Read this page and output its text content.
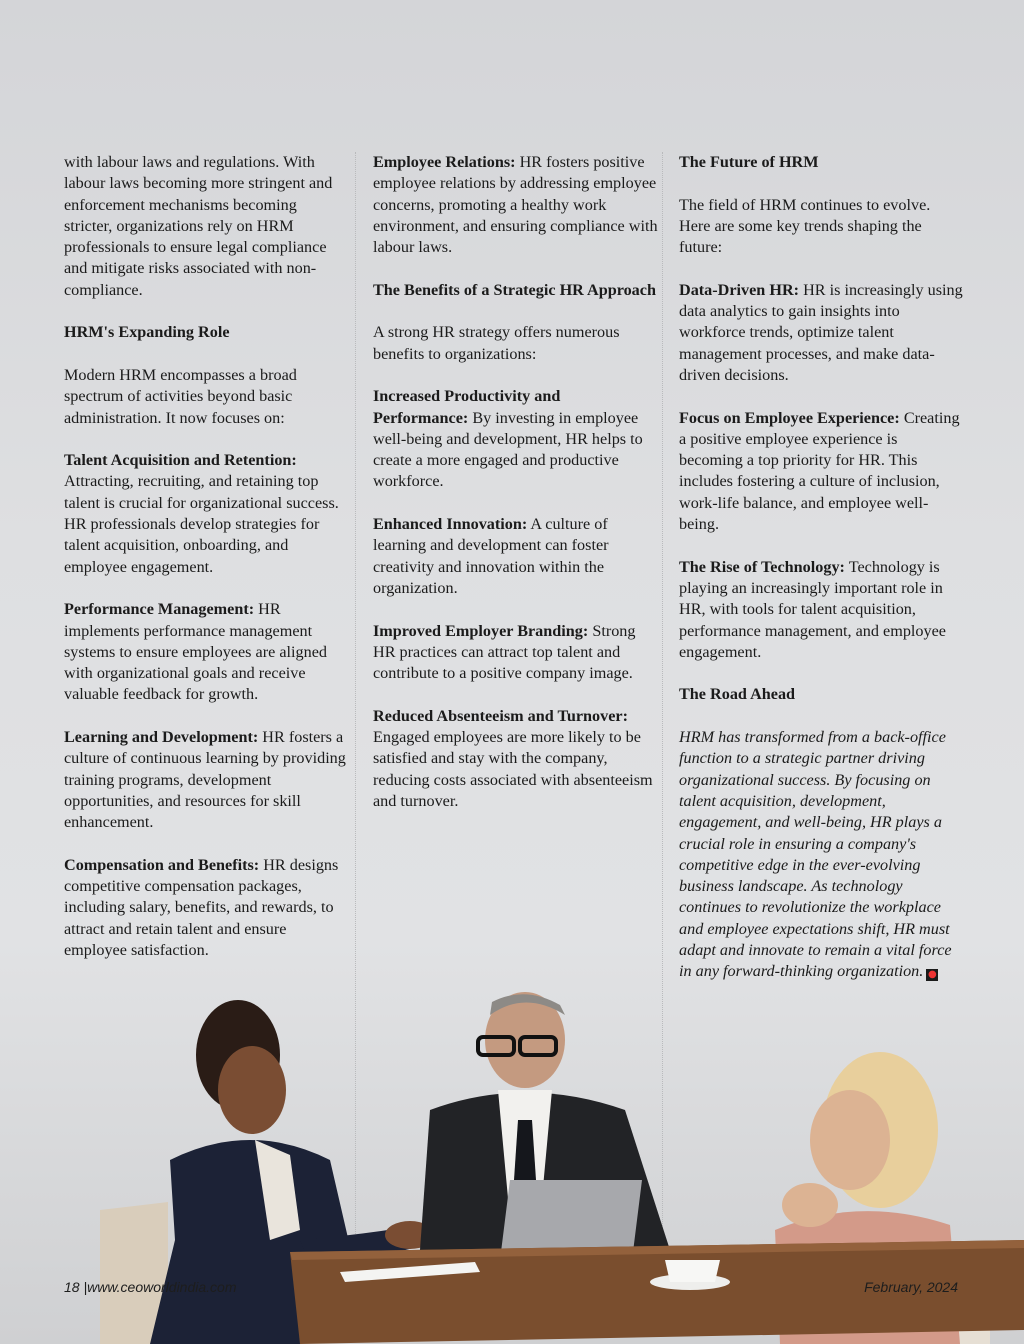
with labour laws and regulations. With labour laws becoming more stringent and enforcement mechanisms becoming stricter, organizations rely on HRM professionals to ensure legal compliance and mitigate risks associated with non-compliance.

HRM's Expanding Role

Modern HRM encompasses a broad spectrum of activities beyond basic administration. It now focuses on:

Talent Acquisition and Retention: Attracting, recruiting, and retaining top talent is crucial for organizational success. HR professionals develop strategies for talent acquisition, onboarding, and employee engagement.

Performance Management: HR implements performance management systems to ensure employees are aligned with organizational goals and receive valuable feedback for growth.

Learning and Development: HR fosters a culture of continuous learning by providing training programs, development opportunities, and resources for skill enhancement.

Compensation and Benefits: HR designs competitive compensation packages, including salary, benefits, and rewards, to attract and retain talent and ensure employee satisfaction.

Employee Relations: HR fosters positive employee relations by addressing employee concerns, promoting a healthy work environment, and ensuring compliance with labour laws.

The Benefits of a Strategic HR Approach

A strong HR strategy offers numerous benefits to organizations:

Increased Productivity and Performance: By investing in employee well-being and development, HR helps to create a more engaged and productive workforce.

Enhanced Innovation: A culture of learning and development can foster creativity and innovation within the organization.

Improved Employer Branding: Strong HR practices can attract top talent and contribute to a positive company image.

Reduced Absenteeism and Turnover: Engaged employees are more likely to be satisfied and stay with the company, reducing costs associated with absenteeism and turnover.

The Future of HRM

The field of HRM continues to evolve. Here are some key trends shaping the future:

Data-Driven HR: HR is increasingly using data analytics to gain insights into workforce trends, optimize talent management processes, and make data-driven decisions.

Focus on Employee Experience: Creating a positive employee experience is becoming a top priority for HR. This includes fostering a culture of inclusion, work-life balance, and employee well-being.

The Rise of Technology: Technology is playing an increasingly important role in HR, with tools for talent acquisition, performance management, and employee engagement.

The Road Ahead

HRM has transformed from a back-office function to a strategic partner driving organizational success. By focusing on talent acquisition, development, engagement, and well-being, HR plays a crucial role in ensuring a company's competitive edge in the ever-evolving business landscape. As technology continues to revolutionize the workplace and employee expectations shift, HR must adapt and innovate to remain a vital force in any forward-thinking organization. ●

18 |www.ceoworldindia.com	February, 2024
